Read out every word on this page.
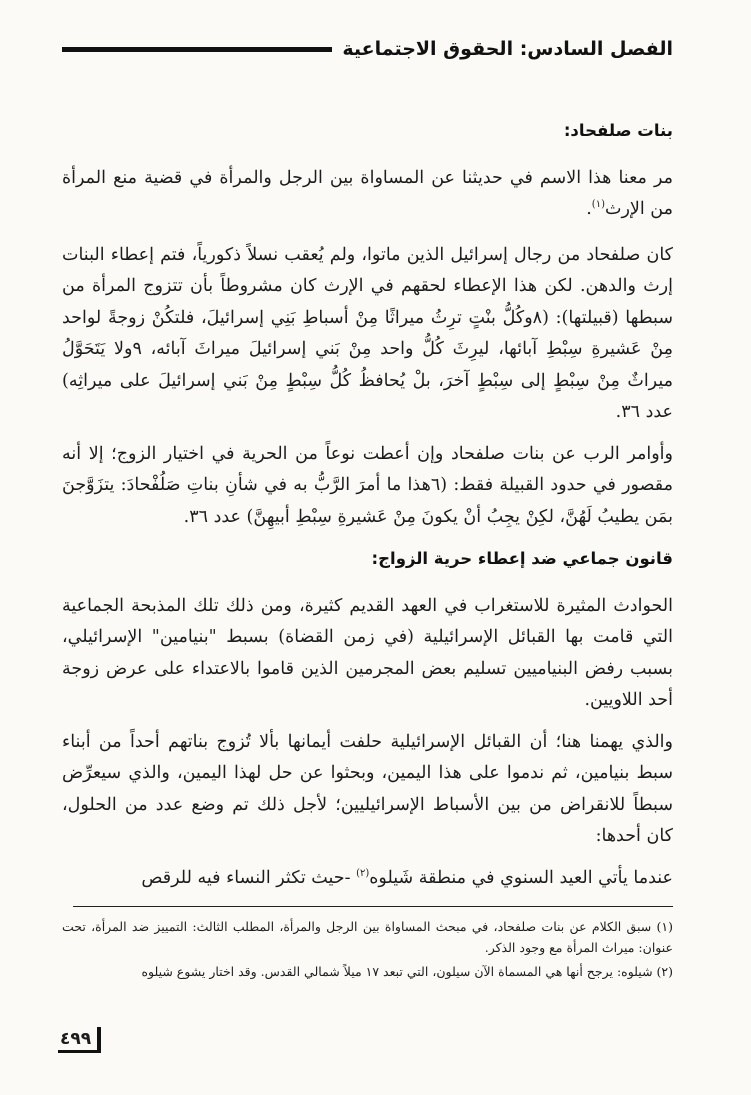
الفصل السادس: الحقوق الاجتماعية
بنات صلفحاد:

مر معنا هذا الاسم في حديثنا عن المساواة بين الرجل والمرأة في قضية منع المرأة من الإرث$^{(١)}$.

كان صلفحاد من رجال إسرائيل الذين ماتوا، ولم يُعقب نسلاً ذكورياً، فتم إعطاء البنات إرث والدهن. لكن هذا الإعطاء لحقهم في الإرث كان مشروطاً بأن تتزوج المرأة من سبطها (قبيلتها): (٨وكُلُّ بنْتٍ ترِثُ ميراثًا مِنْ أسباطِ بَنِي إسرائيلَ، فلتكُنْ زوجةً لواحد مِنْ عَشيرةِ سِبْطِ آبائها، ليرِثَ كُلُّ واحد مِنْ بَني إسرائيلَ ميراثَ آبائه، ٩ولا يَتَحَوَّلُ ميراثٌ مِنْ سِبْطٍ إلى سِبْطٍ آخرَ، بلْ يُحافظُ كُلُّ سِبْطٍ مِنْ بَني إسرائيلَ على ميراثِه) عدد ٣٦.

وأوامر الرب عن بنات صلفحاد وإن أعطت نوعاً من الحرية في اختيار الزوج؛ إلا أنه مقصور في حدود القبيلة فقط: (٦هذا ما أمرَ الرَّبُّ به في شأنِ بناتِ صَلُفْحادَ: يتزَوَّجنَ بمَن يطيبُ لَهُنَّ، لكِنْ يجِبُ أنْ يكونَ مِنْ عَشيرةِ سِبْطِ أبيهِنَّ) عدد ٣٦.

قانون جماعي ضد إعطاء حرية الزواج:

الحوادث المثيرة للاستغراب في العهد القديم كثيرة، ومن ذلك تلك المذبحة الجماعية التي قامت بها القبائل الإسرائيلية (في زمن القضاة) بسبط "بنيامين" الإسرائيلي، بسبب رفض البنياميين تسليم بعض المجرمين الذين قاموا بالاعتداء على عرض زوجة أحد اللاويين.

والذي يهمنا هنا؛ أن القبائل الإسرائيلية حلفت أيمانها بألا تُزوج بناتهم أحداً من أبناء سبط بنيامين، ثم ندموا على هذا اليمين، وبحثوا عن حل لهذا اليمين، والذي سيعرِّض سبطاً للانقراض من بين الأسباط الإسرائيليين؛ لأجل ذلك تم وضع عدد من الحلول، كان أحدها:

عندما يأتي العيد السنوي في منطقة شَيلوه$^{(٢)}$ -حيث تكثر النساء فيه للرقص

(١) سبق الكلام عن بنات صلفحاد، في مبحث المساواة بين الرجل والمرأة، المطلب الثالث: التمييز ضد المرأة، تحت عنوان: ميراث المرأة مع وجود الذكر.
(٢) شيلوه: يرجح أنها هي المسماة الآن سيلون، التي تبعد ١٧ ميلاً شمالي القدس. وقد اختار يشوع شيلوه
٤٩٩
